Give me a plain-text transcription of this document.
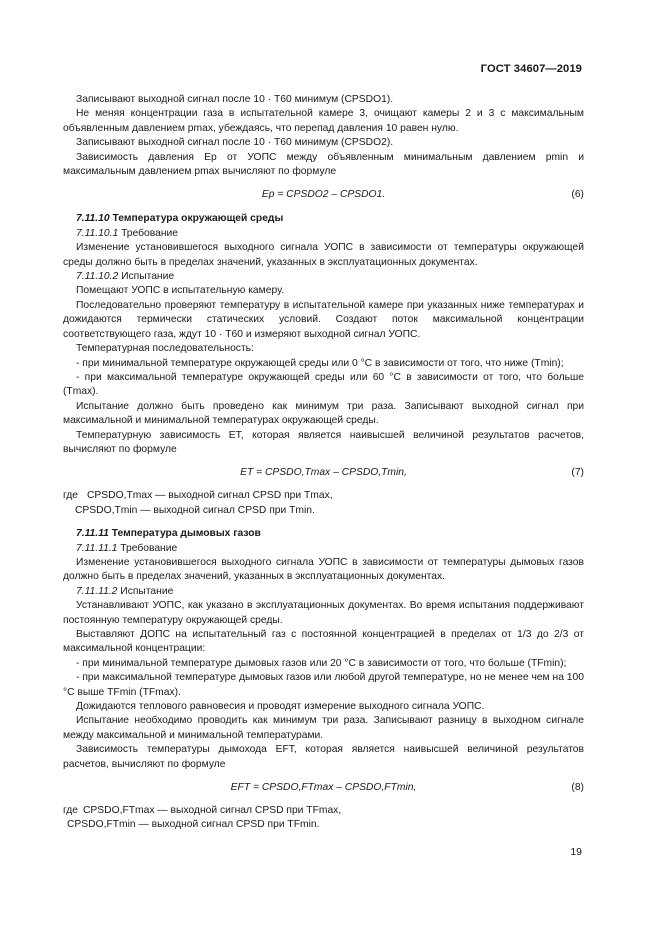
ГОСТ 34607—2019

Записывают выходной сигнал после 10 · T60 минимум (CPSDO1).

Не меняя концентрации газа в испытательной камере 3, очищают камеры 2 и 3 с максимальным объявленным давлением pmax, убеждаясь, что перепад давления 10 равен нулю.

Записывают выходной сигнал после 10 · T60 минимум (CPSDO2).

Зависимость давления Ep от УОПС между объявленным минимальным давлением pmin и максимальным давлением pmax вычисляют по формуле

Ep = CPSDO2 – CPSDO1.	(6)

7.11.10 Температура окружающей среды

7.11.10.1 Требование

Изменение установившегося выходного сигнала УОПС в зависимости от температуры окружающей среды должно быть в пределах значений, указанных в эксплуатационных документах.

7.11.10.2 Испытание

Помещают УОПС в испытательную камеру.

Последовательно проверяют температуру в испытательной камере при указанных ниже температурах и дожидаются термически статических условий. Создают поток максимальной концентрации соответствующего газа, ждут 10 · T60 и измеряют выходной сигнал УОПС.

Температурная последовательность:

- при минимальной температуре окружающей среды или 0 °С в зависимости от того, что ниже (Tmin);

- при максимальной температуре окружающей среды или 60 °С в зависимости от того, что больше (Tmax).

Испытание должно быть проведено как минимум три раза. Записывают выходной сигнал при максимальной и минимальной температурах окружающей среды.

Температурную зависимость ET, которая является наивысшей величиной результатов расчетов, вычисляют по формуле

ET = CPSDO,Tmax – CPSDO,Tmin,	(7)
где CPSDO,Tmax — выходной сигнал CPSD при Tmax,
CPSDO,Tmin — выходной сигнал CPSD при Tmin.

7.11.11 Температура дымовых газов

7.11.11.1 Требование

Изменение установившегося выходного сигнала УОПС в зависимости от температуры дымовых газов должно быть в пределах значений, указанных в эксплуатационных документах.

7.11.11.2 Испытание

Устанавливают УОПС, как указано в эксплуатационных документах. Во время испытания поддерживают постоянную температуру окружающей среды.

Выставляют ДОПС на испытательный газ с постоянной концентрацией в пределах от 1/3 до 2/3 от максимальной концентрации:

- при минимальной температуре дымовых газов или 20 °С в зависимости от того, что больше (TFmin);

- при максимальной температуре дымовых газов или любой другой температуре, но не менее чем на 100 °С выше TFmin (TFmax).

Дожидаются теплового равновесия и проводят измерение выходного сигнала УОПС.

Испытание необходимо проводить как минимум три раза. Записывают разницу в выходном сигнале между максимальной и минимальной температурами.

Зависимость температуры дымохода EFT, которая является наивысшей величиной результатов расчетов, вычисляют по формуле

EFT = CPSDO,FTmax – CPSDO,FTmin,	(8)
где CPSDO,FTmax — выходной сигнал CPSD при TFmax,
CPSDO,FTmin — выходной сигнал CPSD при TFmin.
19
